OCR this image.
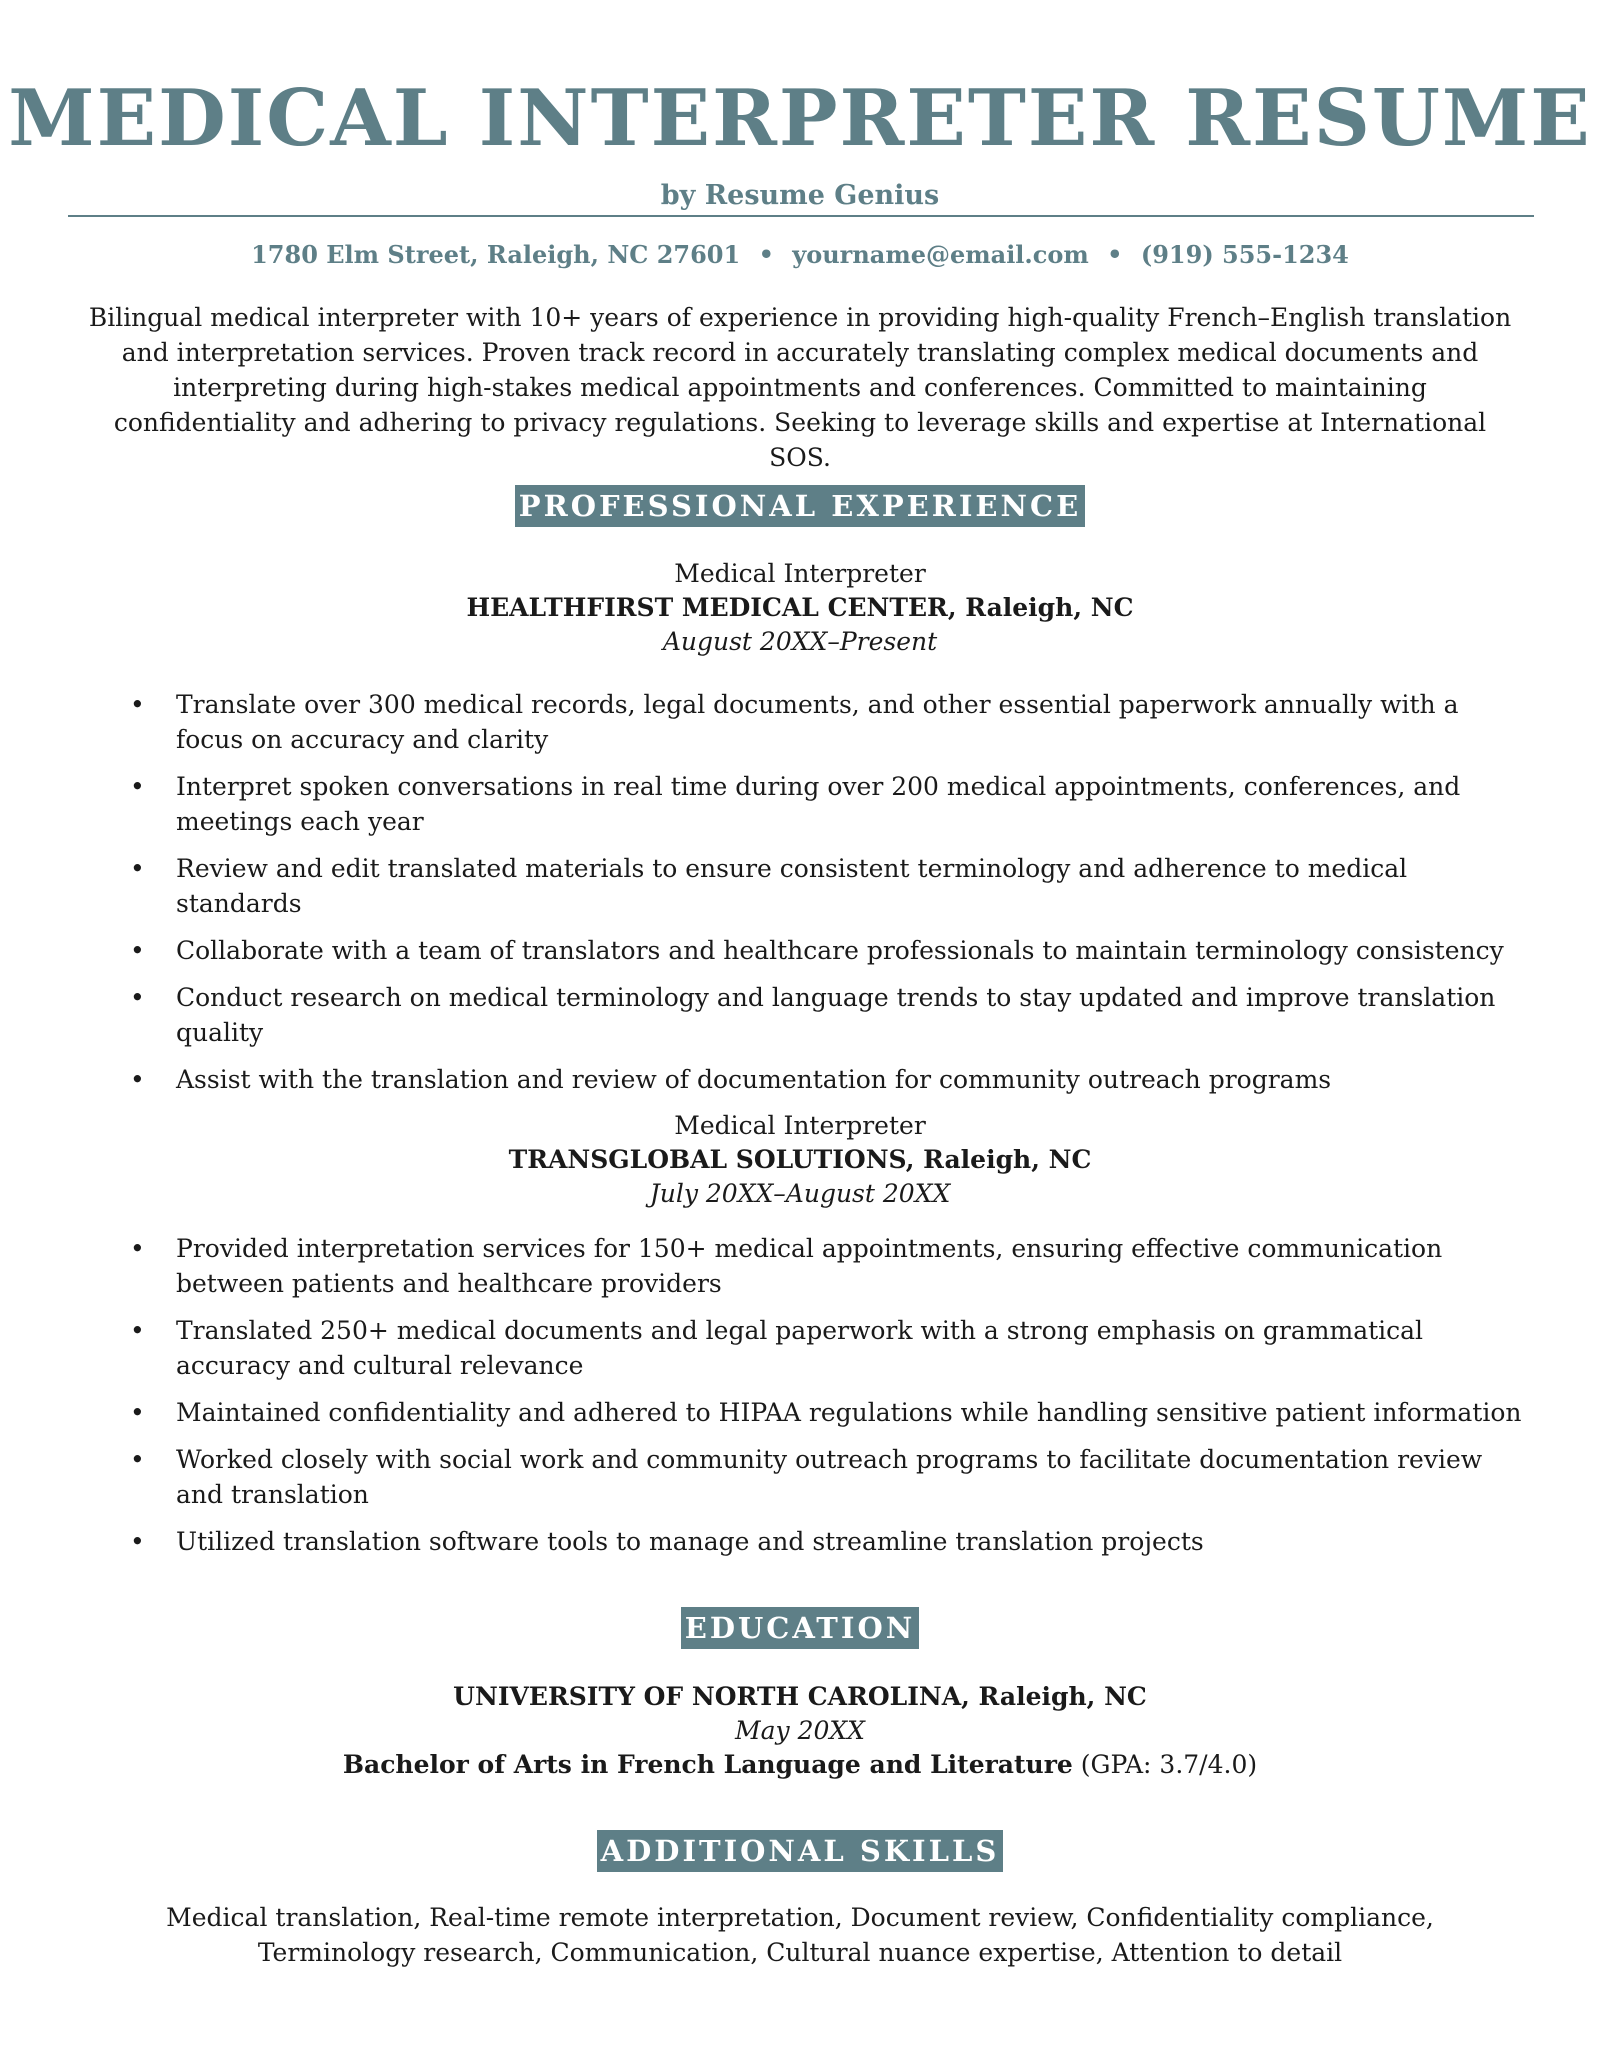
MEDICAL INTERPRETER RESUME
by Resume Genius
1780 Elm Street, Raleigh, NC 27601 • yourname@email.com • (919) 555-1234
Bilingual medical interpreter with 10+ years of experience in providing high-quality French–English translation and interpretation services. Proven track record in accurately translating complex medical documents and interpreting during high-stakes medical appointments and conferences. Committed to maintaining confidentiality and adhering to privacy regulations. Seeking to leverage skills and expertise at International SOS.
PROFESSIONAL EXPERIENCE
Medical Interpreter
HEALTHFIRST MEDICAL CENTER, Raleigh, NC
August 20XX–Present
• Translate over 300 medical records, legal documents, and other essential paperwork annually with a focus on accuracy and clarity
• Interpret spoken conversations in real time during over 200 medical appointments, conferences, and meetings each year
• Review and edit translated materials to ensure consistent terminology and adherence to medical standards
• Collaborate with a team of translators and healthcare professionals to maintain terminology consistency
• Conduct research on medical terminology and language trends to stay updated and improve translation quality
• Assist with the translation and review of documentation for community outreach programs
Medical Interpreter
TRANSGLOBAL SOLUTIONS, Raleigh, NC
July 20XX–August 20XX
• Provided interpretation services for 150+ medical appointments, ensuring effective communication between patients and healthcare providers
• Translated 250+ medical documents and legal paperwork with a strong emphasis on grammatical accuracy and cultural relevance
• Maintained confidentiality and adhered to HIPAA regulations while handling sensitive patient information
• Worked closely with social work and community outreach programs to facilitate documentation review and translation
• Utilized translation software tools to manage and streamline translation projects
EDUCATION
UNIVERSITY OF NORTH CAROLINA, Raleigh, NC
May 20XX
Bachelor of Arts in French Language and Literature (GPA: 3.7/4.0)
ADDITIONAL SKILLS
Medical translation, Real-time remote interpretation, Document review, Confidentiality compliance,
Terminology research, Communication, Cultural nuance expertise, Attention to detail
